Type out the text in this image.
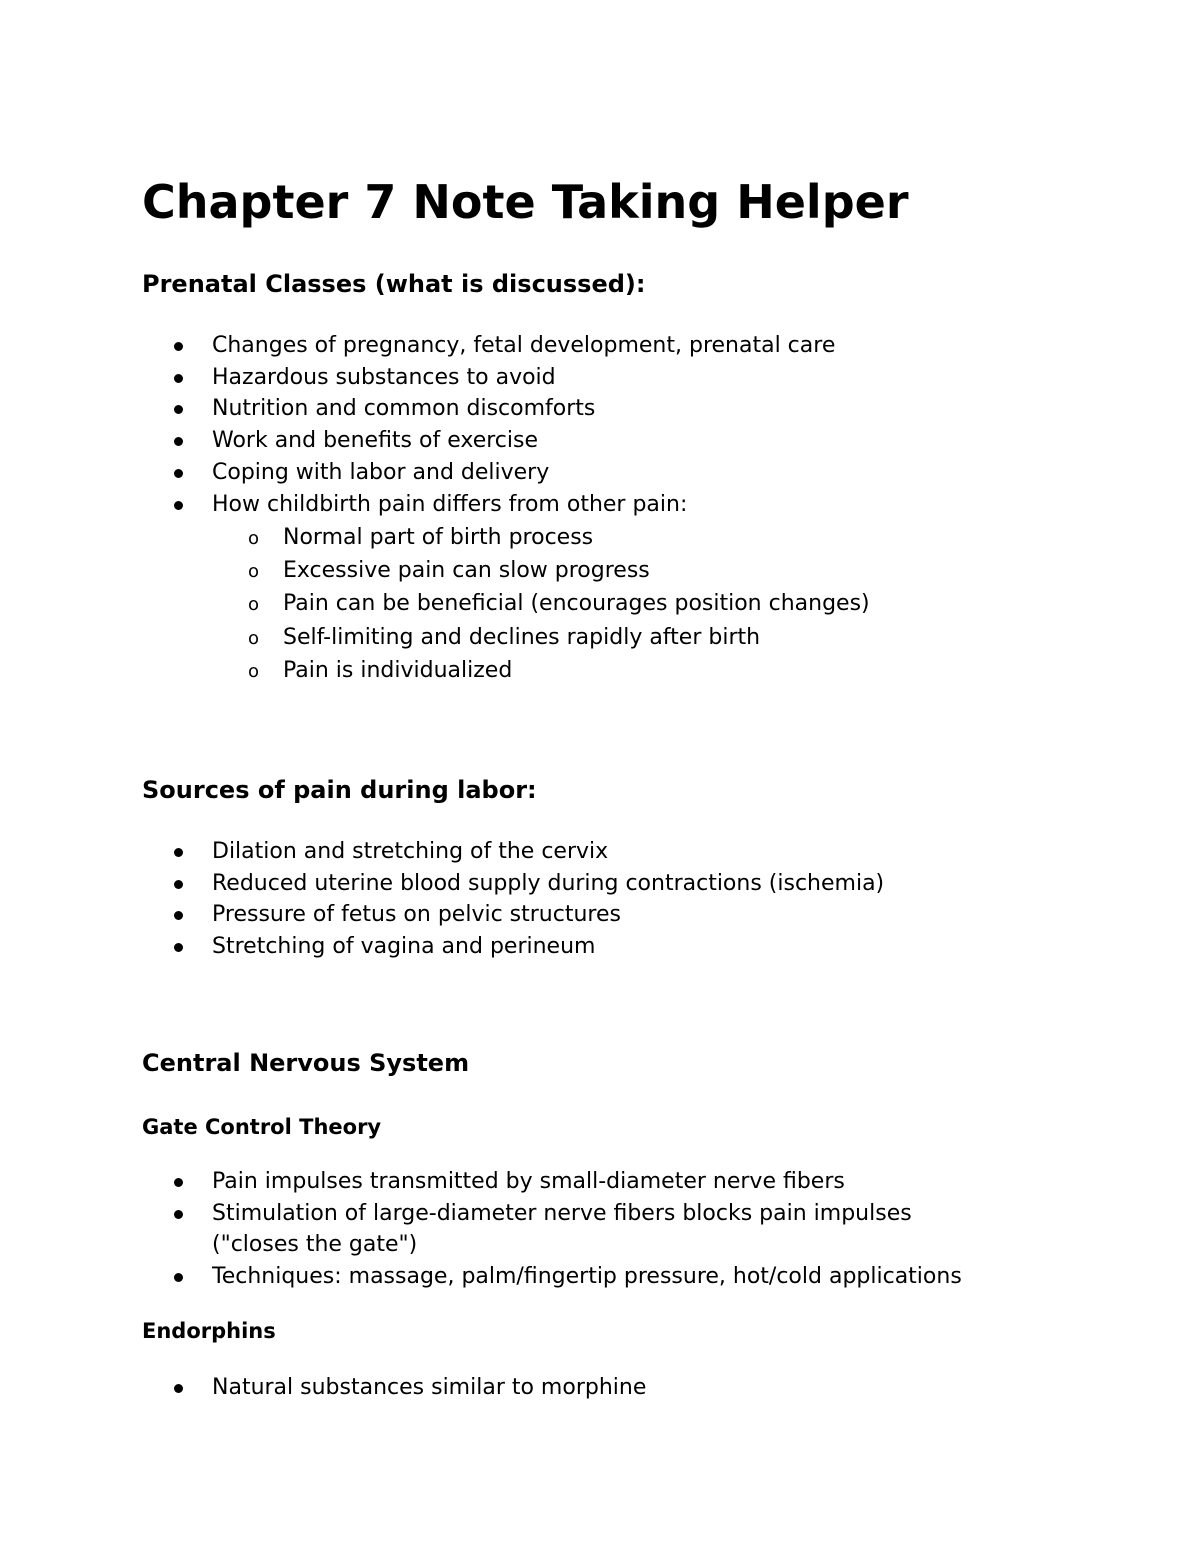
Chapter 7 Note Taking Helper
Prenatal Classes (what is discussed):
Changes of pregnancy, fetal development, prenatal care
Hazardous substances to avoid
Nutrition and common discomforts
Work and benefits of exercise
Coping with labor and delivery
How childbirth pain differs from other pain:
o Normal part of birth process
o Excessive pain can slow progress
o Pain can be beneficial (encourages position changes)
o Self-limiting and declines rapidly after birth
o Pain is individualized
Sources of pain during labor:
Dilation and stretching of the cervix
Reduced uterine blood supply during contractions (ischemia)
Pressure of fetus on pelvic structures
Stretching of vagina and perineum
Central Nervous System
Gate Control Theory
Pain impulses transmitted by small-diameter nerve fibers
Stimulation of large-diameter nerve fibers blocks pain impulses ("closes the gate")
Techniques: massage, palm/fingertip pressure, hot/cold applications
Endorphins
Natural substances similar to morphine
